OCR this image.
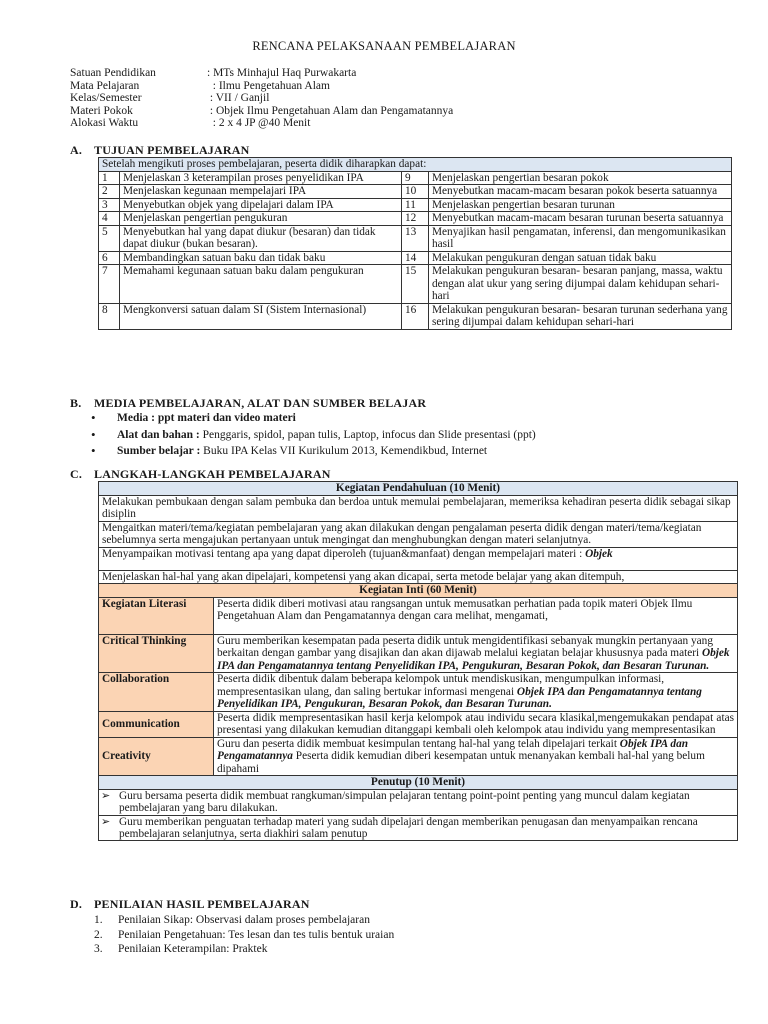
RENCANA PELAKSANAAN PEMBELAJARAN
Satuan Pendidikan	: MTs Minhajul Haq Purwakarta
Mata Pelajaran	: Ilmu Pengetahuan Alam
Kelas/Semester	: VII / Ganjil
Materi Pokok	: Objek Ilmu Pengetahuan Alam dan Pengamatannya
Alokasi Waktu	: 2 x 4 JP @40 Menit
A. TUJUAN PEMBELAJARAN
Setelah mengikuti proses pembelajaran, peserta didik diharapkan dapat:			
1	Menjelaskan 3 keterampilan proses penyelidikan IPA	9	Menjelaskan pengertian besaran pokok
2	Menjelaskan kegunaan mempelajari IPA	10	Menyebutkan macam-macam besaran pokok beserta satuannya
3	Menyebutkan objek yang dipelajari dalam IPA	11	Menjelaskan pengertian besaran turunan
4	Menjelaskan pengertian pengukuran	12	Menyebutkan macam-macam besaran turunan beserta satuannya
5	Menyebutkan hal yang dapat diukur (besaran) dan tidak dapat diukur (bukan besaran).	13	Menyajikan hasil pengamatan, inferensi, dan mengomunikasikan hasil
6	Membandingkan satuan baku dan tidak baku	14	Melakukan pengukuran dengan satuan tidak baku
7	Memahami kegunaan satuan baku dalam pengukuran	15	Melakukan pengukuran besaran- besaran panjang, massa, waktu dengan alat ukur yang sering dijumpai dalam kehidupan sehari-hari
8	Mengkonversi satuan dalam SI (Sistem Internasional)	16	Melakukan pengukuran besaran- besaran turunan sederhana yang sering dijumpai dalam kehidupan sehari-hari
B. MEDIA PEMBELAJARAN, ALAT DAN SUMBER BELAJAR
• Media : ppt materi dan video materi
• Alat dan bahan : Penggaris, spidol, papan tulis, Laptop, infocus dan Slide presentasi (ppt)
• Sumber belajar : Buku IPA Kelas VII Kurikulum 2013, Kemendikbud, Internet
C. LANGKAH-LANGKAH PEMBELAJARAN
Kegiatan Pendahuluan (10 Menit)	
Melakukan pembukaan dengan salam pembuka dan berdoa untuk memulai pembelajaran, memeriksa kehadiran peserta didik sebagai sikap disiplin	
Mengaitkan materi/tema/kegiatan pembelajaran yang akan dilakukan dengan pengalaman peserta didik dengan materi/tema/kegiatan sebelumnya serta mengajukan pertanyaan untuk mengingat dan menghubungkan dengan materi selanjutnya.	
Menyampaikan motivasi tentang apa yang dapat diperoleh (tujuan&manfaat) dengan mempelajari materi : Objek	
Menjelaskan hal-hal yang akan dipelajari, kompetensi yang akan dicapai, serta metode belajar yang akan ditempuh,	
Kegiatan Inti (60 Menit)	
Kegiatan Literasi	Peserta didik diberi motivasi atau rangsangan untuk memusatkan perhatian pada topik materi Objek Ilmu Pengetahuan Alam dan Pengamatannya dengan cara melihat, mengamati,

Critical Thinking	Guru memberikan kesempatan pada peserta didik untuk mengidentifikasi sebanyak mungkin pertanyaan yang berkaitan dengan gambar yang disajikan dan akan dijawab melalui kegiatan belajar khususnya pada materi Objek IPA dan Pengamatannya tentang Penyelidikan IPA, Pengukuran, Besaran Pokok, dan Besaran Turunan.
Collaboration	Peserta didik dibentuk dalam beberapa kelompok untuk mendiskusikan, mengumpulkan informasi, mempresentasikan ulang, dan saling bertukar informasi mengenai Objek IPA dan Pengamatannya tentang Penyelidikan IPA, Pengukuran, Besaran Pokok, dan Besaran Turunan.
Communication	Peserta didik mempresentasikan hasil kerja kelompok atau individu secara klasikal,mengemukakan pendapat atas presentasi yang dilakukan kemudian ditanggapi kembali oleh kelompok atau individu yang mempresentasikan
Creativity	Guru dan peserta didik membuat kesimpulan tentang hal-hal yang telah dipelajari terkait Objek IPA dan Pengamatannya Peserta didik kemudian diberi kesempatan untuk menanyakan kembali hal-hal yang belum dipahami
Penutup (10 Menit)	

➢ Guru bersama peserta didik membuat rangkuman/simpulan pelajaran tentang point-point penting yang muncul dalam kegiatan pembelajaran yang baru dilakukan.	

➢ Guru memberikan penguatan terhadap materi yang sudah dipelajari dengan memberikan penugasan dan menyampaikan rencana pembelajaran selanjutnya, serta diakhiri salam penutup	
D. PENILAIAN HASIL PEMBELAJARAN
1.	Penilaian Sikap: Observasi dalam proses pembelajaran
2.	Penilaian Pengetahuan: Tes lesan dan tes tulis bentuk uraian
3.	Penilaian Keterampilan: Praktek
